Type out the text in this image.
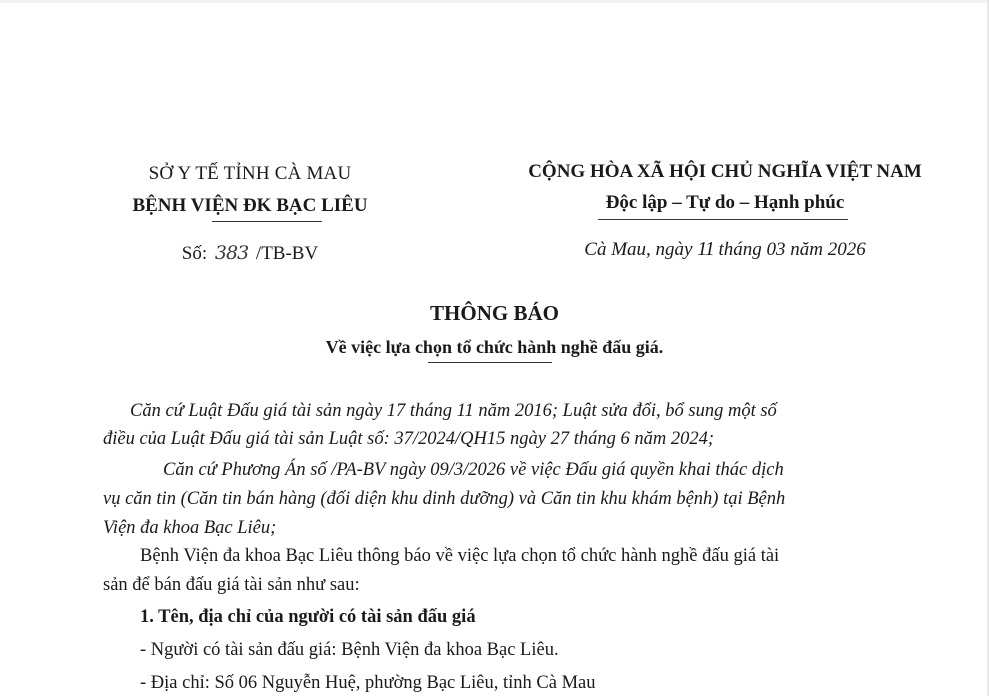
SỞ Y TẾ TỈNH CÀ MAU
BỆNH VIỆN ĐK BẠC LIÊU
Số: 383 /TB-BV
CỘNG HÒA XÃ HỘI CHỦ NGHĨA VIỆT NAM
Độc lập – Tự do – Hạnh phúc
Cà Mau, ngày 11 tháng 03 năm 2026
THÔNG BÁO
Về việc lựa chọn tổ chức hành nghề đấu giá.
Căn cứ Luật Đấu giá tài sản ngày 17 tháng 11 năm 2016; Luật sửa đổi, bổ sung một số
điều của Luật Đấu giá tài sản Luật số: 37/2024/QH15 ngày 27 tháng 6 năm 2024;
Căn cứ Phương Án số /PA-BV ngày 09/3/2026 về việc Đấu giá quyền khai thác dịch
vụ căn tin (Căn tin bán hàng (đối diện khu dinh dưỡng) và Căn tin khu khám bệnh) tại Bệnh
Viện đa khoa Bạc Liêu;
Bệnh Viện đa khoa Bạc Liêu thông báo về việc lựa chọn tổ chức hành nghề đấu giá tài
sản để bán đấu giá tài sản như sau:
1. Tên, địa chỉ của người có tài sản đấu giá
- Người có tài sản đấu giá: Bệnh Viện đa khoa Bạc Liêu.
- Địa chỉ: Số 06 Nguyễn Huệ, phường Bạc Liêu, tỉnh Cà Mau
